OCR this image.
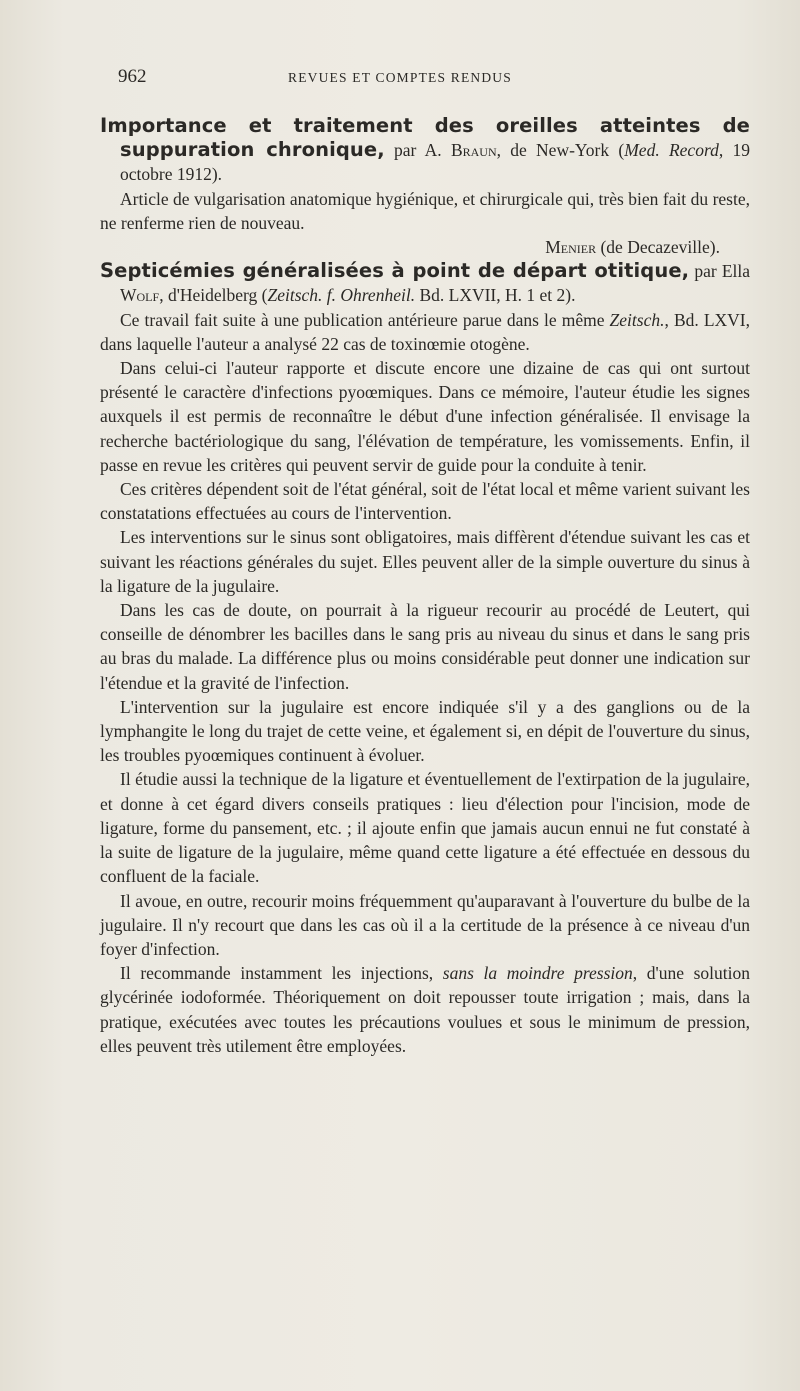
962	REVUES ET COMPTES RENDUS

Importance et traitement des oreilles atteintes de suppuration chronique, par A. Braun, de New-York (Med. Record, 19 octobre 1912).

Article de vulgarisation anatomique hygiénique, et chirurgicale qui, très bien fait du reste, ne renferme rien de nouveau.

Menier (de Decazeville).

Septicémies généralisées à point de départ otitique, par Ella Wolf, d'Heidelberg (Zeitsch. f. Ohrenheil. Bd. LXVII, H. 1 et 2).

Ce travail fait suite à une publication antérieure parue dans le même Zeitsch., Bd. LXVI, dans laquelle l'auteur a analysé 22 cas de toxinœmie otogène.

Dans celui-ci l'auteur rapporte et discute encore une dizaine de cas qui ont surtout présenté le caractère d'infections pyoœmiques. Dans ce mémoire, l'auteur étudie les signes auxquels il est permis de reconnaître le début d'une infection généralisée. Il envisage la recherche bactériologique du sang, l'élévation de température, les vomissements. Enfin, il passe en revue les critères qui peuvent servir de guide pour la conduite à tenir.

Ces critères dépendent soit de l'état général, soit de l'état local et même varient suivant les constatations effectuées au cours de l'intervention.

Les interventions sur le sinus sont obligatoires, mais diffèrent d'étendue suivant les cas et suivant les réactions générales du sujet. Elles peuvent aller de la simple ouverture du sinus à la ligature de la jugulaire.

Dans les cas de doute, on pourrait à la rigueur recourir au procédé de Leutert, qui conseille de dénombrer les bacilles dans le sang pris au niveau du sinus et dans le sang pris au bras du malade. La différence plus ou moins considérable peut donner une indication sur l'étendue et la gravité de l'infection.

L'intervention sur la jugulaire est encore indiquée s'il y a des ganglions ou de la lymphangite le long du trajet de cette veine, et également si, en dépit de l'ouverture du sinus, les troubles pyoœmiques continuent à évoluer.

Il étudie aussi la technique de la ligature et éventuellement de l'extirpation de la jugulaire, et donne à cet égard divers conseils pratiques : lieu d'élection pour l'incision, mode de ligature, forme du pansement, etc. ; il ajoute enfin que jamais aucun ennui ne fut constaté à la suite de ligature de la jugulaire, même quand cette ligature a été effectuée en dessous du confluent de la faciale.

Il avoue, en outre, recourir moins fréquemment qu'auparavant à l'ouverture du bulbe de la jugulaire. Il n'y recourt que dans les cas où il a la certitude de la présence à ce niveau d'un foyer d'infection.

Il recommande instamment les injections, sans la moindre pression, d'une solution glycérinée iodoformée. Théoriquement on doit repousser toute irrigation ; mais, dans la pratique, exécutées avec toutes les précautions voulues et sous le minimum de pression, elles peuvent très utilement être employées.
